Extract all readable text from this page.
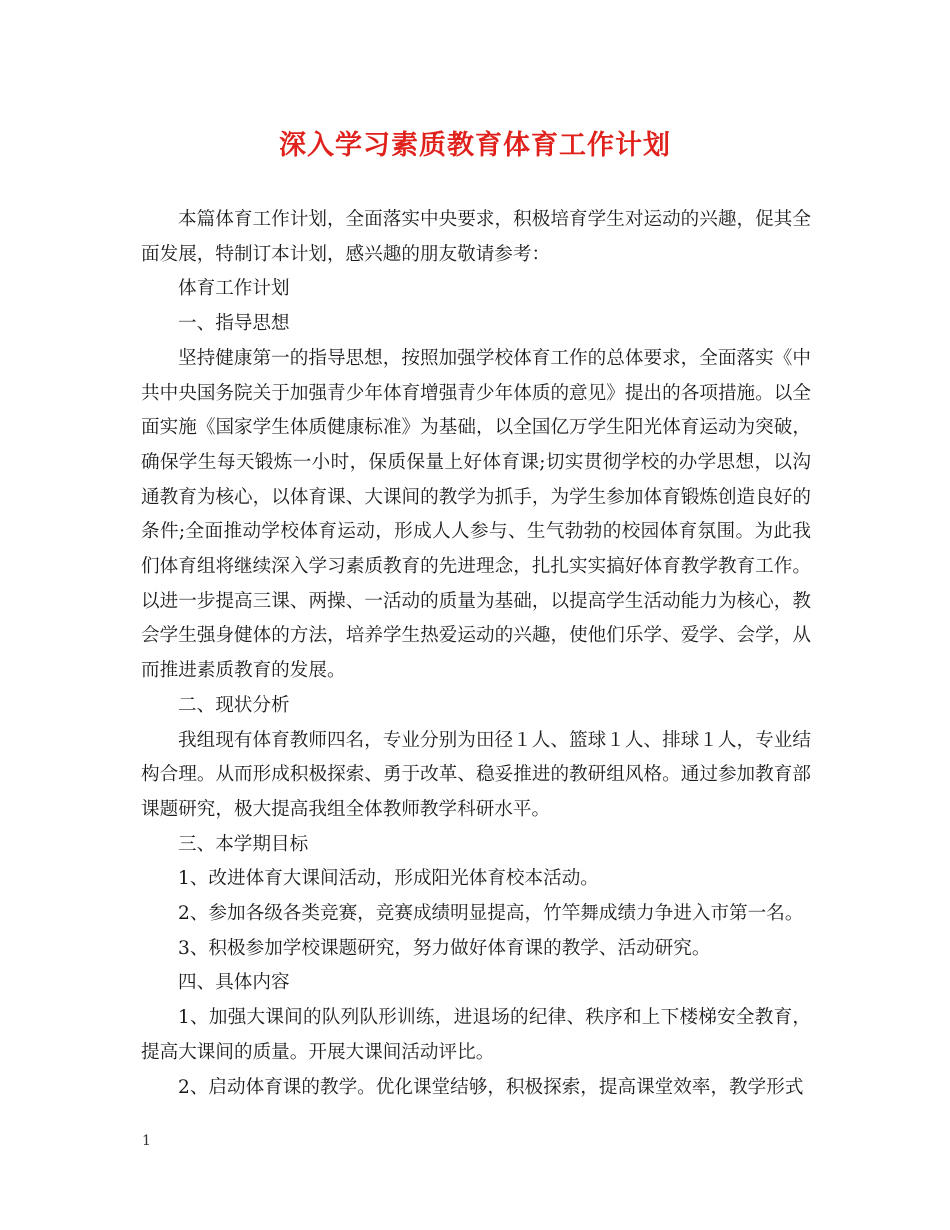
深入学习素质教育体育工作计划

本篇体育工作计划，全面落实中央要求，积极培育学生对运动的兴趣，促其全面发展，特制订本计划，感兴趣的朋友敬请参考：

体育工作计划

一、指导思想

坚持健康第一的指导思想，按照加强学校体育工作的总体要求，全面落实《中共中央国务院关于加强青少年体育增强青少年体质的意见》提出的各项措施。以全面实施《国家学生体质健康标准》为基础，以全国亿万学生阳光体育运动为突破，确保学生每天锻炼一小时，保质保量上好体育课;切实贯彻学校的办学思想，以沟通教育为核心，以体育课、大课间的教学为抓手，为学生参加体育锻炼创造良好的条件;全面推动学校体育运动，形成人人参与、生气勃勃的校园体育氛围。为此我们体育组将继续深入学习素质教育的先进理念，扎扎实实搞好体育教学教育工作。以进一步提高三课、两操、一活动的质量为基础，以提高学生活动能力为核心，教会学生强身健体的方法，培养学生热爱运动的兴趣，使他们乐学、爱学、会学，从而推进素质教育的发展。

二、现状分析

我组现有体育教师四名，专业分别为田径１人、篮球１人、排球１人，专业结构合理。从而形成积极探索、勇于改革、稳妥推进的教研组风格。通过参加教育部课题研究，极大提高我组全体教师教学科研水平。

三、本学期目标

1、改进体育大课间活动，形成阳光体育校本活动。

2、参加各级各类竞赛，竞赛成绩明显提高，竹竿舞成绩力争进入市第一名。

3、积极参加学校课题研究，努力做好体育课的教学、活动研究。

四、具体内容

1、加强大课间的队列队形训练，进退场的纪律、秩序和上下楼梯安全教育，提高大课间的质量。开展大课间活动评比。

2、启动体育课的教学。优化课堂结够，积极探索，提高课堂效率，教学形式

1
